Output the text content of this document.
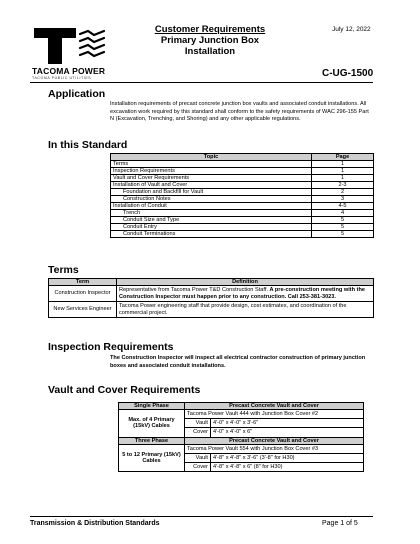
TACOMA POWER
TACOMA PUBLIC UTILITIES
Customer Requirements
Primary Junction Box
Installation
July 12, 2022
C-UG-1500
Application
Installation requirements of precast concrete junction box vaults and associated conduit installations. All excavation work required by this standard shall conform to the safety requirements of WAC 296-155 Part N (Excavation, Trenching, and Shoring) and any other applicable regulations.
In this Standard
Topic	Page
Terms	1
Inspection Requirements	1
Vault and Cover Requirements	1
Installation of Vault and Cover	2-3
Foundation and Backfill for Vault	2
Construction Notes	3
Installation of Conduit	4-5
Trench	4
Conduit Size and Type	5
Conduit Entry	5
Conduit Terminations	5
Terms
Term	Definition
Construction Inspector	Representative from Tacoma Power T&D Construction Staff. A pre-construction meeting with the Construction Inspector must happen prior to any construction. Call 253-381-3023.
New Services Engineer	Tacoma Power engineering staff that provide design, cost estimates, and coordination of the commercial project.
Inspection Requirements
The Construction Inspector will inspect all electrical contractor construction of primary junction boxes and associated conduit installations.
Vault and Cover Requirements
Single Phase	Precast Concrete Vault and Cover	
Max. of 4 Primary (15kV) Cables	Tacoma Power Vault 444 with Junction Box Cover #2	
	Vault	4'-0" x 4'-0" x 3'-6"
	Cover	4'-0" x 4'-0" x 6"
Three Phase	Precast Concrete Vault and Cover	
5 to 12 Primary (15kV) Cables	Tacoma Power Vault 554 with Junction Box Cover #3	
	Vault	4'-8" x 4'-8" x 3'-6" (3'-8" for H30)
	Cover	4'-8" x 4'-8" x 6" (8" for H30)
Transmission & Distribution Standards	Page 1 of 5
